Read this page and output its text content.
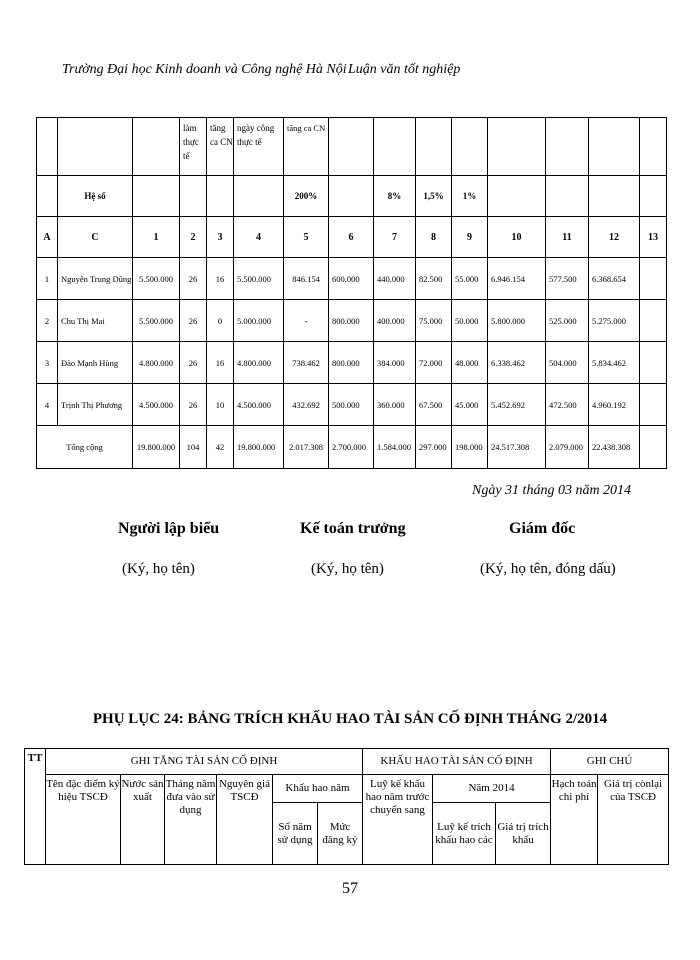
Trường Đại học Kinh doanh và Công nghệ Hà Nội Luận văn tốt nghiệp
			làm thực tế	tăng ca CN	ngày công thực tế	tăng ca CN								
	Hệ số					200%		8%	1,5%	1%				
A	C	1	2	3	4	5	6	7	8	9	10	11	12	13
1	Nguyễn Trung Dũng	5.500.000	26	16	5.500.000	846.154	600.000	440.000	82.500	55.000	6.946.154	577.500	6.368.654	
2	Chu Thị Mai	5.500.000	26	0	5.000.000	-	800.000	400.000	75.000	50.000	5.800.000	525.000	5.275.000	
3	Đào Mạnh Hùng	4.800.000	26	16	4.800.000	738.462	800.000	384.000	72.000	48.000	6.338.462	504.000	5.834.462	
4	Trịnh Thị Phương	4.500.000	26	10	4.500.000	432.692	500.000	360.000	67.500	45.000	5.452.692	472.500	4.960.192	
Tổng cộng		19.800.000	104	42	19.800.000	2.017.308	2.700.000	1.584.000	297.000	198.000	24.517.308	2.079.000	22.438.308	
Ngày 31 tháng 03 năm 2014
Người lập biểu	Kế toán trưởng	Giám đốc
(Ký, họ tên)	(Ký, họ tên)	(Ký, họ tên, đóng dấu)
PHỤ LỤC 24: BẢNG TRÍCH KHẤU HAO TÀI SẢN CỐ ĐỊNH THÁNG 2/2014
TT	GHI TĂNG TÀI SẢN CỐ ĐỊNH						KHẤU HAO TÀI SẢN CỐ ĐỊNH			GHI CHÚ	
	Tên đặc điểm ký hiệu TSCĐ	Nước sản xuất	Tháng năm đưa vào sử dụng	Nguyên giá TSCĐ	Khấu hao năm		Luỹ kế khấu hao năm trước chuyển sang	Năm 2014		Hạch toán chi phí	Giá trị cònlại của TSCĐ
					Số năm sử dụng	Mức đăng ký		Luỹ kế trích khấu hao các	Giá trị trích khấu		
57
